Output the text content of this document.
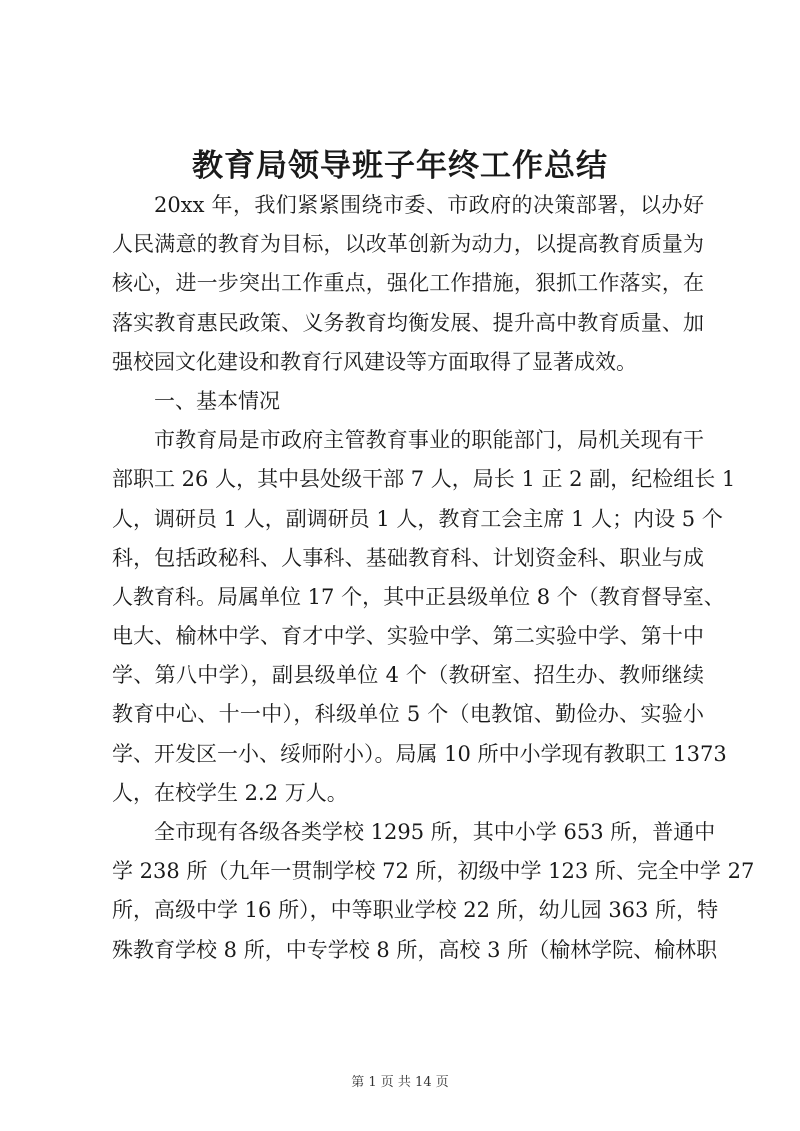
教育局领导班子年终工作总结
20xx 年，我们紧紧围绕市委、市政府的决策部署，以办好
人民满意的教育为目标，以改革创新为动力，以提高教育质量为
核心，进一步突出工作重点，强化工作措施，狠抓工作落实，在
落实教育惠民政策、义务教育均衡发展、提升高中教育质量、加
强校园文化建设和教育行风建设等方面取得了显著成效。
一、基本情况
市教育局是市政府主管教育事业的职能部门，局机关现有干
部职工 26 人，其中县处级干部 7 人，局长 1 正 2 副，纪检组长 1
人，调研员 1 人，副调研员 1 人，教育工会主席 1 人；内设 5 个
科，包括政秘科、人事科、基础教育科、计划资金科、职业与成
人教育科。局属单位 17 个，其中正县级单位 8 个（教育督导室、
电大、榆林中学、育才中学、实验中学、第二实验中学、第十中
学、第八中学），副县级单位 4 个（教研室、招生办、教师继续
教育中心、十一中），科级单位 5 个（电教馆、勤俭办、实验小
学、开发区一小、绥师附小）。局属 10 所中小学现有教职工 1373
人，在校学生 2.2 万人。
全市现有各级各类学校 1295 所，其中小学 653 所，普通中
学 238 所（九年一贯制学校 72 所，初级中学 123 所、完全中学 27
所，高级中学 16 所），中等职业学校 22 所，幼儿园 363 所，特
殊教育学校 8 所，中专学校 8 所，高校 3 所（榆林学院、榆林职
第 1 页 共 14 页
